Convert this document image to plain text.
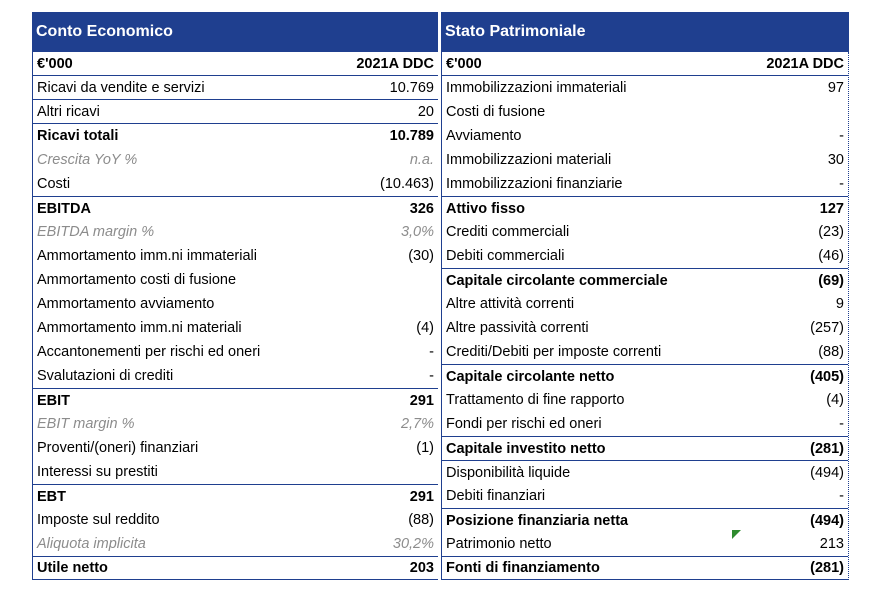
Conto Economico
€'000	2021A DDC
Ricavi da vendite e servizi	10.769
Altri ricavi	20
Ricavi totali	10.789
Crescita YoY %	n.a.
Costi	(10.463)
EBITDA	326
EBITDA margin %	3,0%
Ammortamento imm.ni immateriali	(30)
Ammortamento costi di fusione
Ammortamento avviamento
Ammortamento imm.ni materiali	(4)
Accantonementi per rischi ed oneri	-
Svalutazioni di crediti	-
EBIT	291
EBIT margin %	2,7%
Proventi/(oneri) finanziari	(1)
Interessi su prestiti
EBT	291
Imposte sul reddito	(88)
Aliquota implicita	30,2%
Utile netto	203
Stato Patrimoniale
€'000	2021A DDC
Immobilizzazioni immateriali	97
Costi di fusione
Avviamento	-
Immobilizzazioni materiali	30
Immobilizzazioni finanziarie	-
Attivo fisso	127
Crediti commerciali	(23)
Debiti commerciali	(46)
Capitale circolante commerciale	(69)
Altre attività correnti	9
Altre passività correnti	(257)
Crediti/Debiti per imposte correnti	(88)
Capitale circolante netto	(405)
Trattamento di fine rapporto	(4)
Fondi per rischi ed oneri	-
Capitale investito netto	(281)
Disponibilità liquide	(494)
Debiti finanziari	-
Posizione finanziaria netta	(494)
Patrimonio netto	213
Fonti di finanziamento	(281)
